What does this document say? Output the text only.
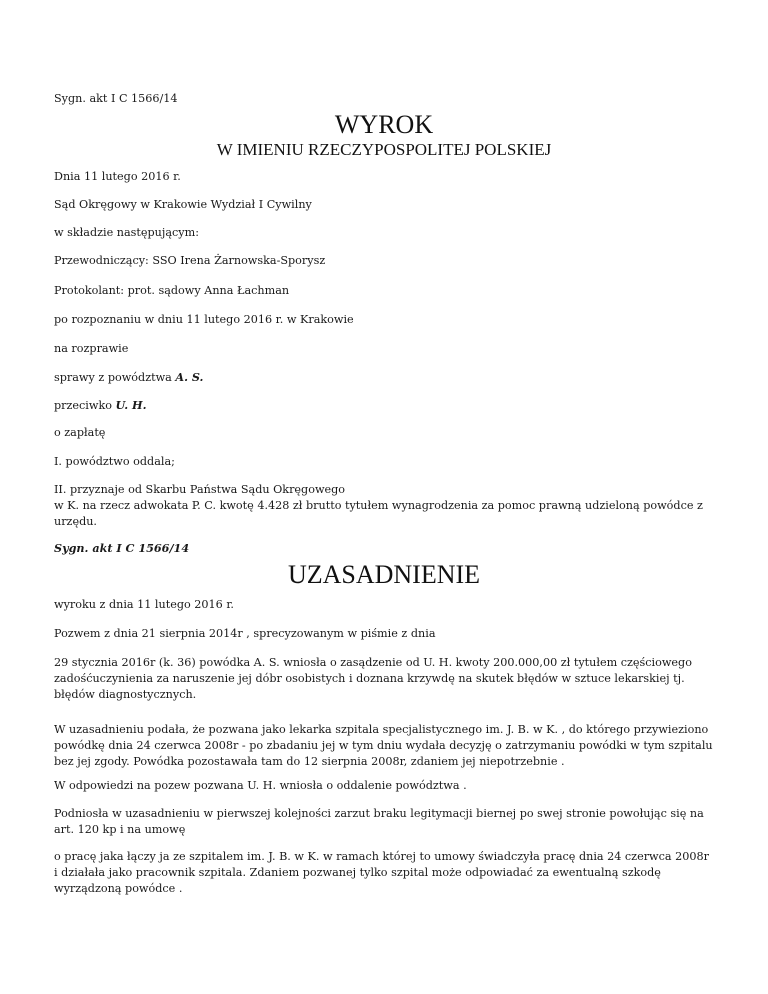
Sygn. akt I C 1566/14

WYROK
W IMIENIU RZECZYPOSPOLITEJ POLSKIEJ

Dnia 11 lutego 2016 r.

Sąd Okręgowy w Krakowie Wydział I Cywilny

w składzie następującym:

Przewodniczący: SSO Irena Żarnowska-Sporysz

Protokolant: prot. sądowy Anna Łachman

po rozpoznaniu w dniu 11 lutego 2016 r. w Krakowie

na rozprawie

sprawy z powództwa A. S.

przeciwko U. H.

o zapłatę

I. powództwo oddala;

II. przyznaje od Skarbu Państwa Sądu Okręgowego
w K. na rzecz adwokata P. C. kwotę 4.428 zł brutto tytułem wynagrodzenia za pomoc prawną udzieloną powódce z urzędu.

Sygn. akt I C 1566/14

UZASADNIENIE

wyroku z dnia 11 lutego 2016 r.

Pozwem z dnia 21 sierpnia 2014r , sprecyzowanym w piśmie z dnia

29 stycznia 2016r (k. 36) powódka A. S. wniosła o zasądzenie od U. H. kwoty 200.000,00 zł tytułem częściowego zadośćuczynienia za naruszenie jej dóbr osobistych i doznana krzywdę na skutek błędów w sztuce lekarskiej tj. błędów diagnostycznych.

W uzasadnieniu podała, że pozwana jako lekarka szpitala specjalistycznego im. J. B. w K. , do którego przywieziono powódkę dnia 24 czerwca 2008r - po zbadaniu jej w tym dniu wydała decyzję o zatrzymaniu powódki w tym szpitalu bez jej zgody. Powódka pozostawała tam do 12 sierpnia 2008r, zdaniem jej niepotrzebnie .

W odpowiedzi na pozew pozwana U. H. wniosła o oddalenie powództwa .

Podniosła w uzasadnieniu w pierwszej kolejności zarzut braku legitymacji biernej po swej stronie powołując się na art. 120 kp i na umowę

o pracę jaka łączy ja ze szpitalem im. J. B. w K. w ramach której to umowy świadczyła pracę dnia 24 czerwca 2008r i działała jako pracownik szpitala. Zdaniem pozwanej tylko szpital może odpowiadać za ewentualną szkodę wyrządzoną powódce .
